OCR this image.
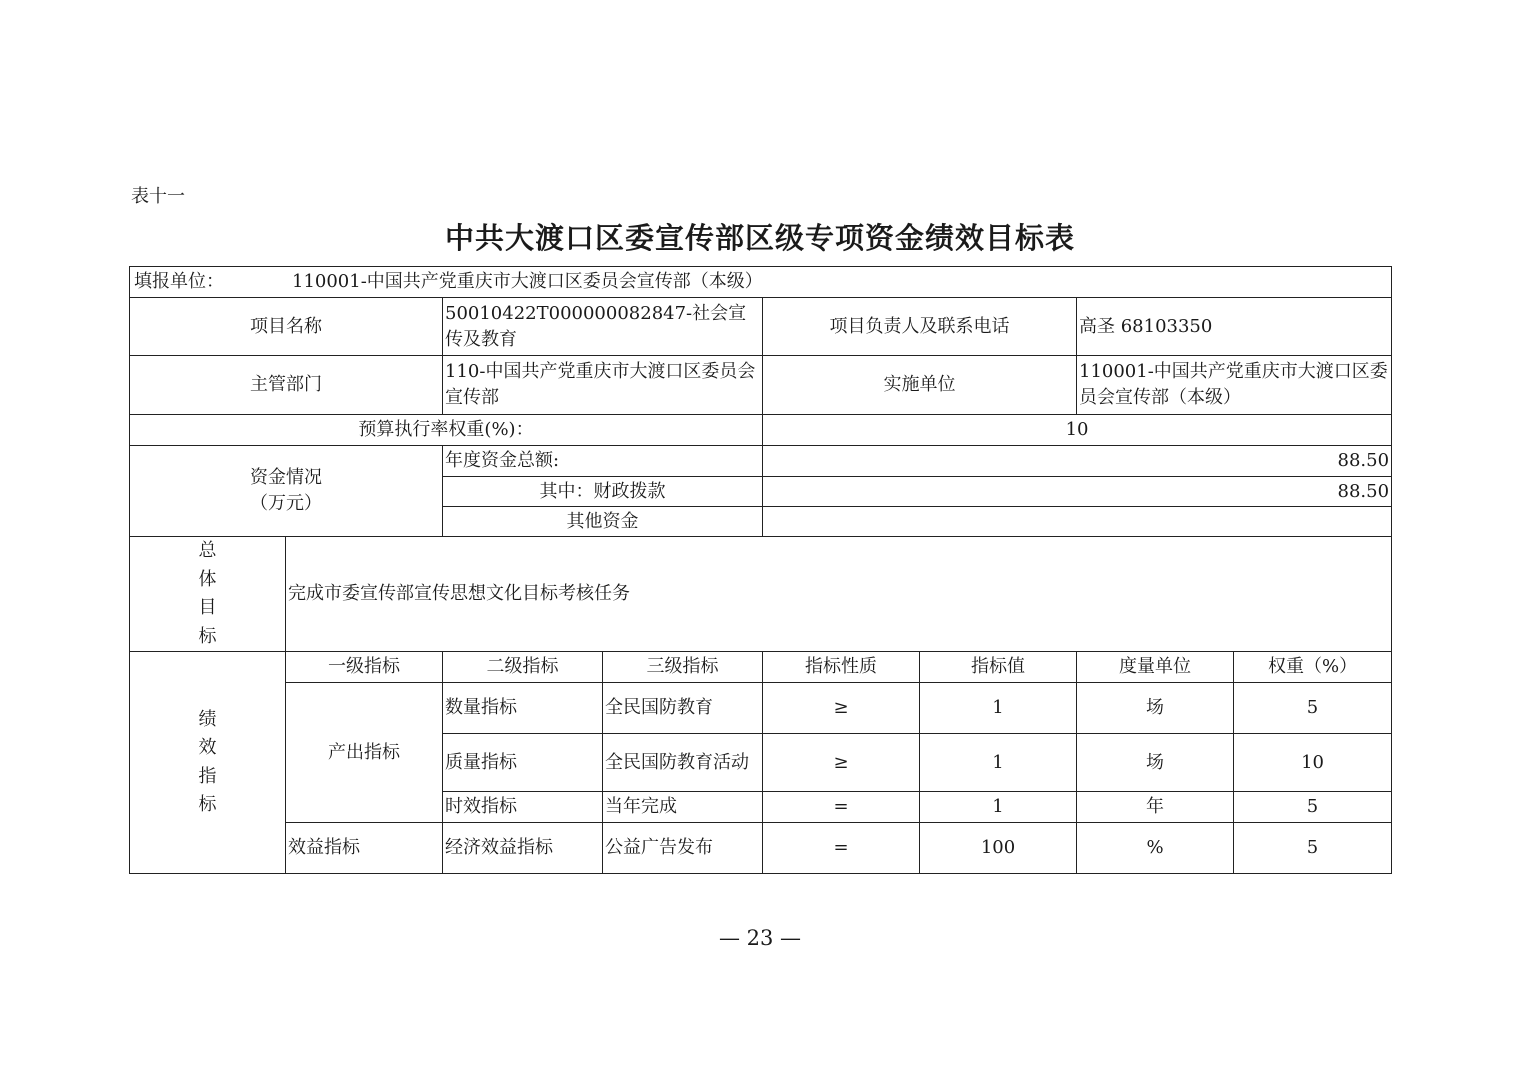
表十一
中共大渡口区委宣传部区级专项资金绩效目标表
填报单位： 110001-中国共产党重庆市大渡口区委员会宣传部（本级）							
项目名称		50010422T000000082847-社会宣传及教育		项目负责人及联系电话		高圣 68103350	
主管部门		110-中国共产党重庆市大渡口区委员会宣传部		实施单位		110001-中国共产党重庆市大渡口区委员会宣传部（本级）	
预算执行率权重(%)：				10			

资金情况
（万元）		年度资金总额:		88.50			
		其中：财政拨款		88.50			
		其他资金					

总
体
目
标	完成市委宣传部宣传思想文化目标考核任务						

绩
效
指
标	一级指标	二级指标	三级指标	指标性质	指标值	度量单位	权重（%）
	产出指标	数量指标	全民国防教育	≥	1	场	5
		质量指标	全民国防教育活动	≥	1	场	10
		时效指标	当年完成	=	1	年	5
	效益指标	经济效益指标	公益广告发布	=	100	%	5
— 23 —
